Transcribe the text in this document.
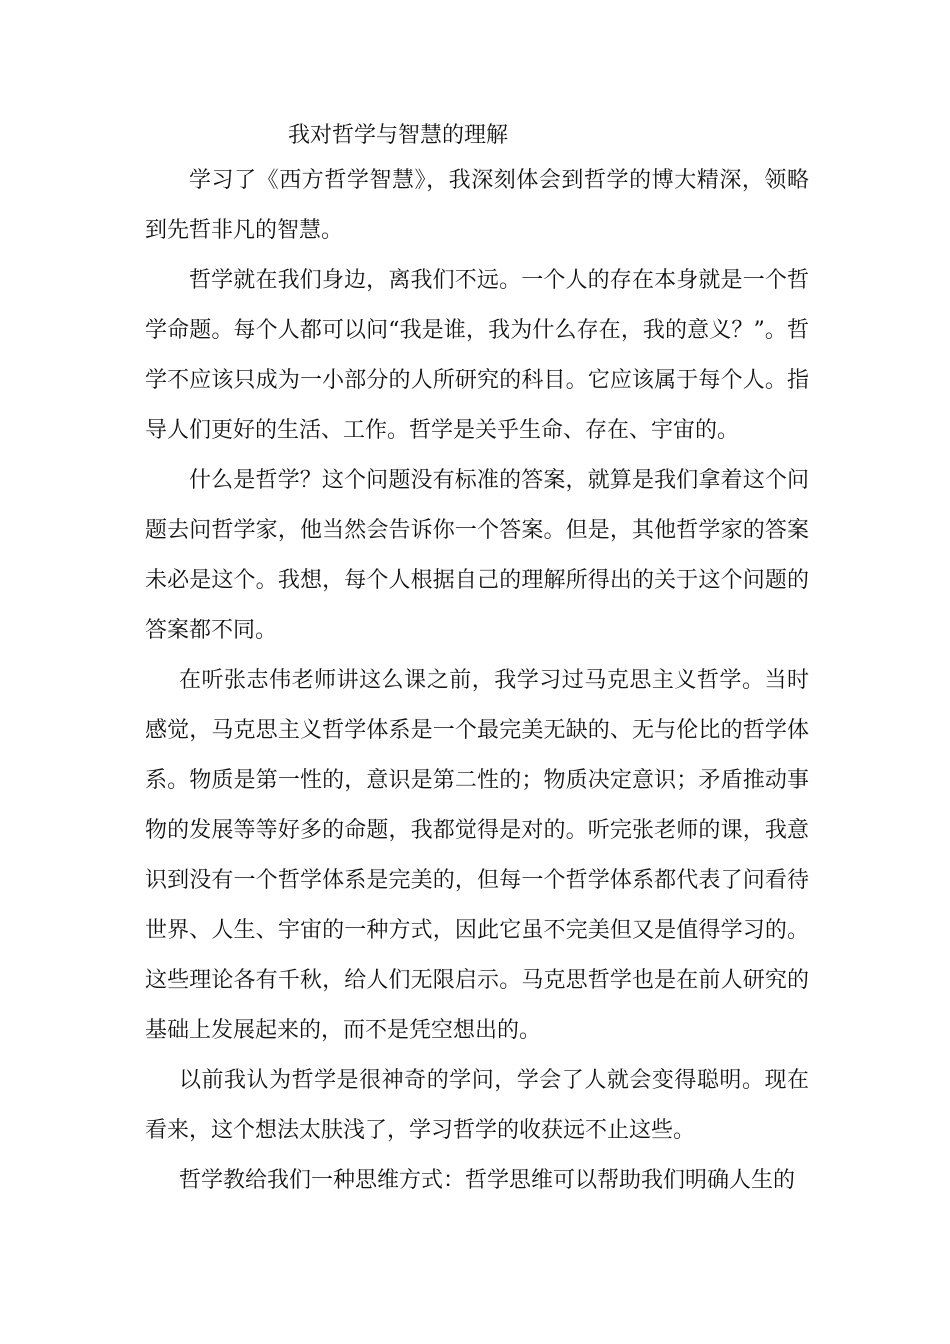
我对哲学与智慧的理解

学习了《西方哲学智慧》，我深刻体会到哲学的博大精深，领略到先哲非凡的智慧。

哲学就在我们身边，离我们不远。一个人的存在本身就是一个哲学命题。每个人都可以问“我是谁，我为什么存在，我的意义？”。哲学不应该只成为一小部分的人所研究的科目。它应该属于每个人。指导人们更好的生活、工作。哲学是关乎生命、存在、宇宙的。

什么是哲学？这个问题没有标准的答案，就算是我们拿着这个问题去问哲学家，他当然会告诉你一个答案。但是，其他哲学家的答案未必是这个。我想，每个人根据自己的理解所得出的关于这个问题的答案都不同。

在听张志伟老师讲这么课之前，我学习过马克思主义哲学。当时感觉，马克思主义哲学体系是一个最完美无缺的、无与伦比的哲学体系。物质是第一性的，意识是第二性的；物质决定意识；矛盾推动事物的发展等等好多的命题，我都觉得是对的。听完张老师的课，我意识到没有一个哲学体系是完美的，但每一个哲学体系都代表了问看待世界、人生、宇宙的一种方式，因此它虽不完美但又是值得学习的。这些理论各有千秋，给人们无限启示。马克思哲学也是在前人研究的基础上发展起来的，而不是凭空想出的。

以前我认为哲学是很神奇的学问，学会了人就会变得聪明。现在看来，这个想法太肤浅了，学习哲学的收获远不止这些。

哲学教给我们一种思维方式：哲学思维可以帮助我们明确人生的
